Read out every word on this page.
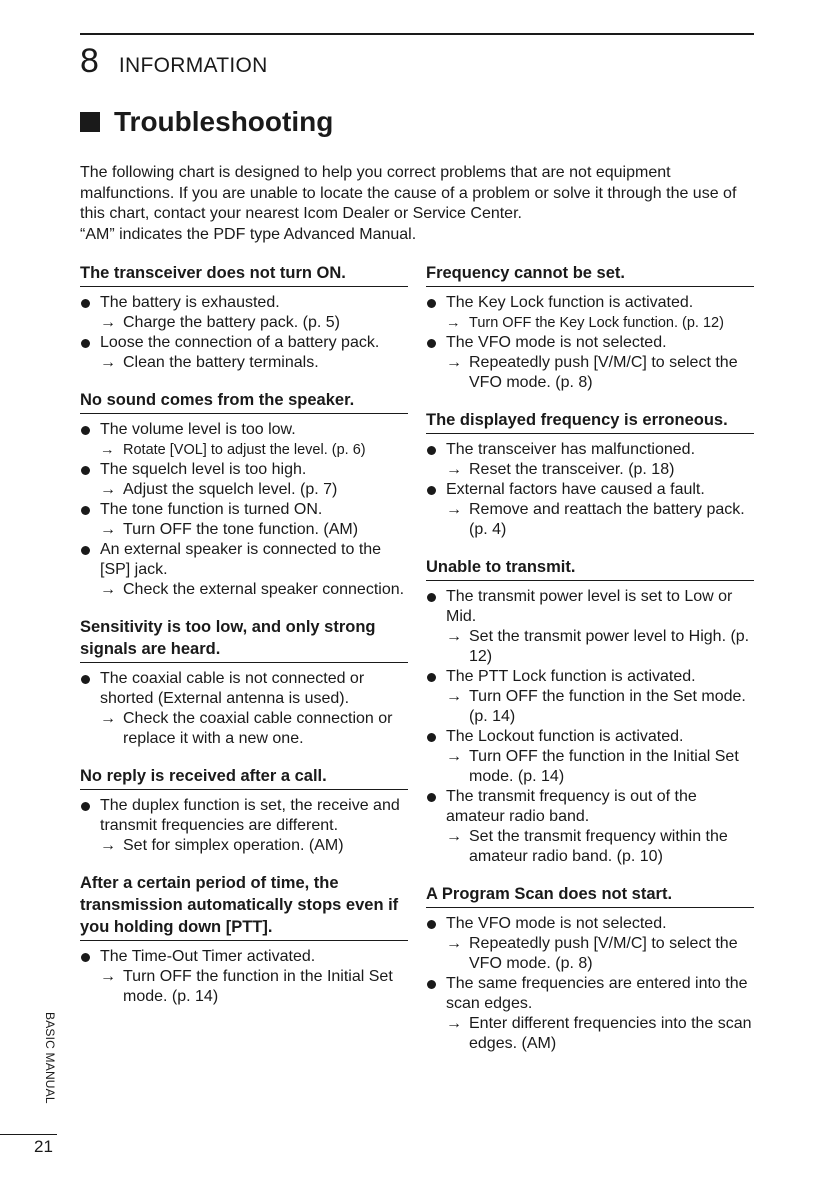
8 INFORMATION
Troubleshooting

The following chart is designed to help you correct problems that are not equipment malfunctions. If you are unable to locate the cause of a problem or solve it through the use of this chart, contact your nearest Icom Dealer or Service Center.

“AM” indicates the PDF type Advanced Manual.

The transceiver does not turn ON.
The battery is exhausted.
→ Charge the battery pack. (p. 5)
Loose the connection of a battery pack.
→ Clean the battery terminals.
No sound comes from the speaker.
The volume level is too low.
→ Rotate [VOL] to adjust the level. (p. 6)
The squelch level is too high.
→ Adjust the squelch level. (p. 7)
The tone function is turned ON.
→ Turn OFF the tone function. (AM)
An external speaker is connected to the [SP] jack.
→ Check the external speaker connection.
Sensitivity is too low, and only strong signals are heard.
The coaxial cable is not connected or shorted (External antenna is used).
→ Check the coaxial cable connection or replace it with a new one.
No reply is received after a call.
The duplex function is set, the receive and transmit frequencies are different.
→ Set for simplex operation. (AM)
After a certain period of time, the transmission automatically stops even if you holding down [PTT].
The Time-Out Timer activated.
→ Turn OFF the function in the Initial Set mode. (p. 14)
Frequency cannot be set.
The Key Lock function is activated.
→ Turn OFF the Key Lock function. (p. 12)
The VFO mode is not selected.
→ Repeatedly push [V/M/C] to select the VFO mode. (p. 8)
The displayed frequency is erroneous.
The transceiver has malfunctioned.
→ Reset the transceiver. (p. 18)
External factors have caused a fault.
→ Remove and reattach the battery pack. (p. 4)
Unable to transmit.
The transmit power level is set to Low or Mid.
→ Set the transmit power level to High. (p. 12)
The PTT Lock function is activated.
→ Turn OFF the function in the Set mode. (p. 14)
The Lockout function is activated.
→ Turn OFF the function in the Initial Set mode. (p. 14)
The transmit frequency is out of the amateur radio band.
→ Set the transmit frequency within the amateur radio band. (p. 10)
A Program Scan does not start.
The VFO mode is not selected.
→ Repeatedly push [V/M/C] to select the VFO mode. (p. 8)
The same frequencies are entered into the scan edges.
→ Enter different frequencies into the scan edges. (AM)
BASIC MANUAL
21
